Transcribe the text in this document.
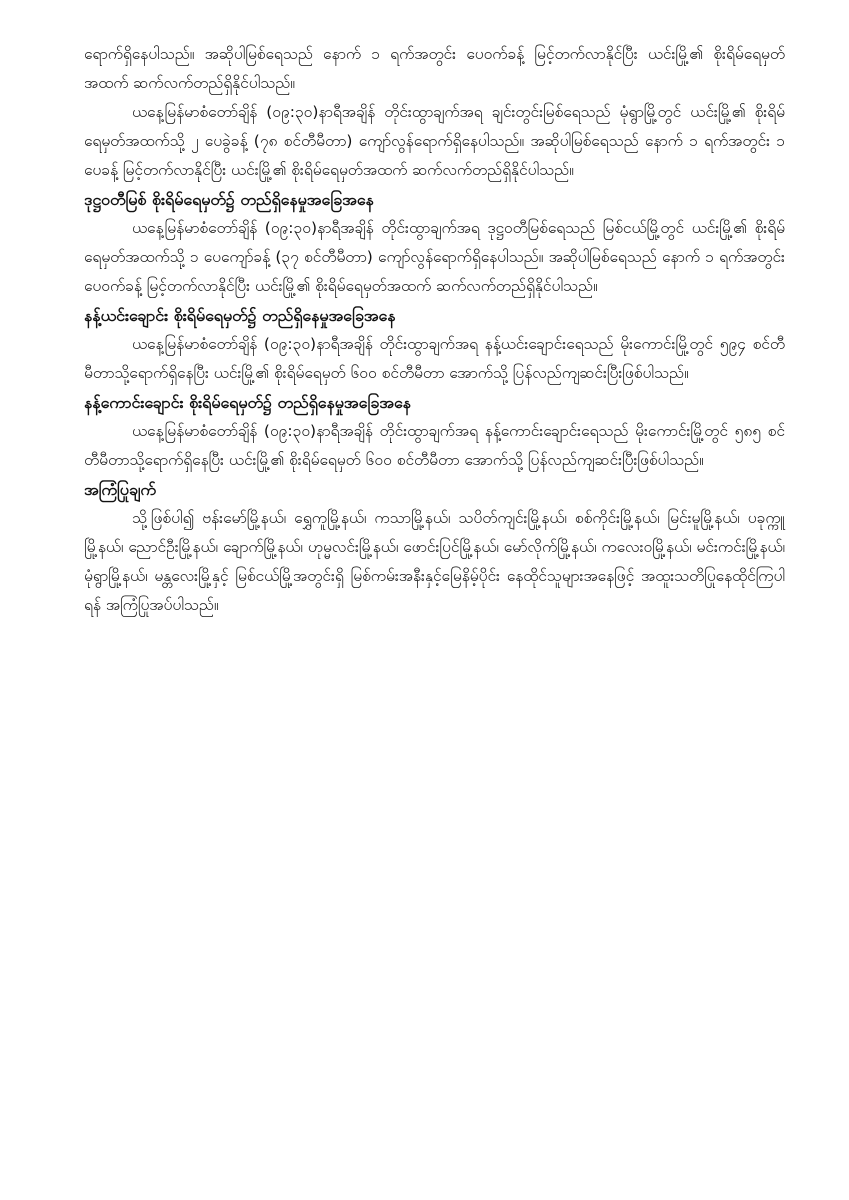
ရောက်ရှိနေပါသည်။ အဆိုပါမြစ်ရေသည် နောက် ၁ ရက်အတွင်း ပေ၀က်ခန့် မြင့်တက်လာနိုင်ပြီး ယင်းမြို့၏ စိုးရိမ်ရေမှတ်အထက် ဆက်လက်တည်ရှိနိုင်ပါသည်။

ယနေ့မြန်မာစံတော်ချိန် (၀၉:၃၀)နာရီအချိန် တိုင်းထွာချက်အရ ချင်းတွင်းမြစ်ရေသည် မုံရွာမြို့တွင် ယင်းမြို့၏ စိုးရိမ်ရေမှတ်အထက်သို့ ၂ ပေခွဲခန့် (၇၈ စင်တီမီတာ) ကျော်လွန်ရောက်ရှိနေပါသည်။ အဆိုပါမြစ်ရေသည် နောက် ၁ ရက်အတွင်း ၁ ပေခန့် မြင့်တက်လာနိုင်ပြီး ယင်းမြို့၏ စိုးရိမ်ရေမှတ်အထက် ဆက်လက်တည်ရှိနိုင်ပါသည်။

ဒုဋ္ဌဝတီမြစ် စိုးရိမ်ရေမှတ်၌ တည်ရှိနေမှုအခြေအနေ

ယနေ့မြန်မာစံတော်ချိန် (၀၉:၃၀)နာရီအချိန် တိုင်းထွာချက်အရ ဒုဋ္ဌဝတီမြစ်ရေသည် မြစ်ငယ်မြို့တွင် ယင်းမြို့၏ စိုးရိမ်ရေမှတ်အထက်သို့ ၁ ပေကျော်ခန့် (၃၇ စင်တီမီတာ) ကျော်လွန်ရောက်ရှိနေပါသည်။ အဆိုပါမြစ်ရေသည် နောက် ၁ ရက်အတွင်း ပေ၀က်ခန့် မြင့်တက်လာနိုင်ပြီး ယင်းမြို့၏ စိုးရိမ်ရေမှတ်အထက် ဆက်လက်တည်ရှိနိုင်ပါသည်။

နန့်ယင်းချောင်း စိုးရိမ်ရေမှတ်၌ တည်ရှိနေမှုအခြေအနေ

ယနေ့မြန်မာစံတော်ချိန် (၀၉:၃၀)နာရီအချိန် တိုင်းထွာချက်အရ နန့်ယင်းချောင်းရေသည် မိုးကောင်းမြို့တွင် ၅၉၄ စင်တီမီတာသို့ရောက်ရှိနေပြီး ယင်းမြို့၏ စိုးရိမ်ရေမှတ် ၆၀၀ စင်တီမီတာ အောက်သို့ ပြန်လည်ကျဆင်းပြီးဖြစ်ပါသည်။

နန့်ကောင်းချောင်း စိုးရိမ်ရေမှတ်၌ တည်ရှိနေမှုအခြေအနေ

ယနေ့မြန်မာစံတော်ချိန် (၀၉:၃၀)နာရီအချိန် တိုင်းထွာချက်အရ နန့်ကောင်းချောင်းရေသည် မိုးကောင်းမြို့တွင် ၅၈၅ စင်တီမီတာသို့ရောက်ရှိနေပြီး ယင်းမြို့၏ စိုးရိမ်ရေမှတ် ၆၀၀ စင်တီမီတာ အောက်သို့ ပြန်လည်ကျဆင်းပြီးဖြစ်ပါသည်။

အကြံပြုချက်

သို့ဖြစ်ပါ၍ ဗန်းမော်မြို့နယ်၊ ရွှေကူမြို့နယ်၊ ကသာမြို့နယ်၊ သပိတ်ကျင်းမြို့နယ်၊ စစ်ကိုင်းမြို့နယ်၊ မြင်းမူမြို့နယ်၊ ပခုက္ကူမြို့နယ်၊ ညောင်ဦးမြို့နယ်၊ ချောက်မြို့နယ်၊ ဟုမ္မလင်းမြို့နယ်၊ ဖောင်းပြင်မြို့နယ်၊ မော်လိုက်မြို့နယ်၊ ကလေးဝမြို့နယ်၊ မင်းကင်းမြို့နယ်၊ မုံရွာမြို့နယ်၊ မန္တလေးမြို့နှင့် မြစ်ငယ်မြို့အတွင်းရှိ မြစ်ကမ်းအနီးနှင့်မြေနိမ့်ပိုင်း နေထိုင်သူများအနေဖြင့် အထူးသတိပြုနေထိုင်ကြပါရန် အကြံပြုအပ်ပါသည်။
